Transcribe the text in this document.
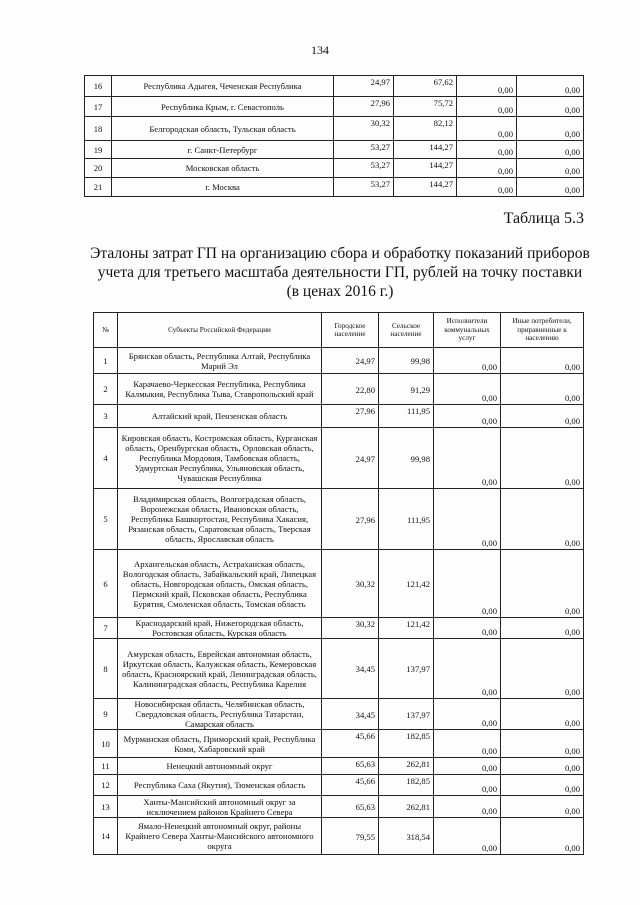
134
16	Республика Адыгея, Чеченская Республика	24,97	67,62	0,00	0,00
17	Республика Крым, г. Севастополь	27,96	75,72	0,00	0,00
18	Белгородская область, Тульская область	30,32	82,12	0,00	0,00
19	г. Санкт-Петербург	53,27	144,27	0,00	0,00
20	Московская область	53,27	144,27	0,00	0,00
21	г. Москва	53,27	144,27	0,00	0,00
Таблица 5.3
Эталоны затрат ГП на организацию сбора и обработку показаний приборов учета для третьего масштаба деятельности ГП, рублей на точку поставки (в ценах 2016 г.)
№	Субъекты Российской Федерации	Городское население	Сельское население	Исполнители коммунальных услуг	Иные потребители, приравненные к населению
1	Брянская область, Республика Алтай, Республика Марий Эл	24,97	99,98	0,00	0,00
2	Карачаево-Черкесская Республика, Республика Калмыкия, Республика Тыва, Ставропольский край	22,80	91,29	0,00	0,00
3	Алтайский край, Пензенская область	27,96	111,95	0,00	0,00
4	Кировская область, Костромская область, Курганская область, Оренбургская область, Орловская область, Республика Мордовия, Тамбовская область, Удмуртская Республика, Ульяновская область, Чувашская Республика	24,97	99,98	0,00	0,00
5	Владимирская область, Волгоградская область, Воронежская область, Ивановская область, Республика Башкортостан, Республика Хакасия, Рязанская область, Саратовская область, Тверская область, Ярославская область	27,96	111,95	0,00	0,00
6	Архангельская область, Астраханская область, Вологодская область, Забайкальский край, Липецкая область, Новгородская область, Омская область, Пермский край, Псковская область, Республика Бурятия, Смоленская область, Томская область	30,32	121,42	0,00	0,00
7	Краснодарский край, Нижегородская область, Ростовская область, Курская область	30,32	121,42	0,00	0,00
8	Амурская область, Еврейская автономная область, Иркутская область, Калужская область, Кемеровская область, Красноярский край, Ленинградская область, Калининградская область, Республика Карелия	34,45	137,97	0,00	0,00
9	Новосибирская область, Челябинская область, Свердловская область, Республика Татарстан, Самарская область	34,45	137,97	0,00	0,00
10	Мурманская область, Приморский край, Республика Коми, Хабаровский край	45,66	182,85	0,00	0,00
11	Ненецкий автономный округ	65,63	262,81	0,00	0,00
12	Республика Саха (Якутия), Тюменская область	45,66	182,85	0,00	0,00
13	Ханты-Мансийский автономный округ за исключением районов Крайнего Севера	65,63	262,81	0,00	0,00
14	Ямало-Ненецкий автономный округ, районы Крайнего Севера Ханты-Мансийского автономного округа	79,55	318,54	0,00	0,00
